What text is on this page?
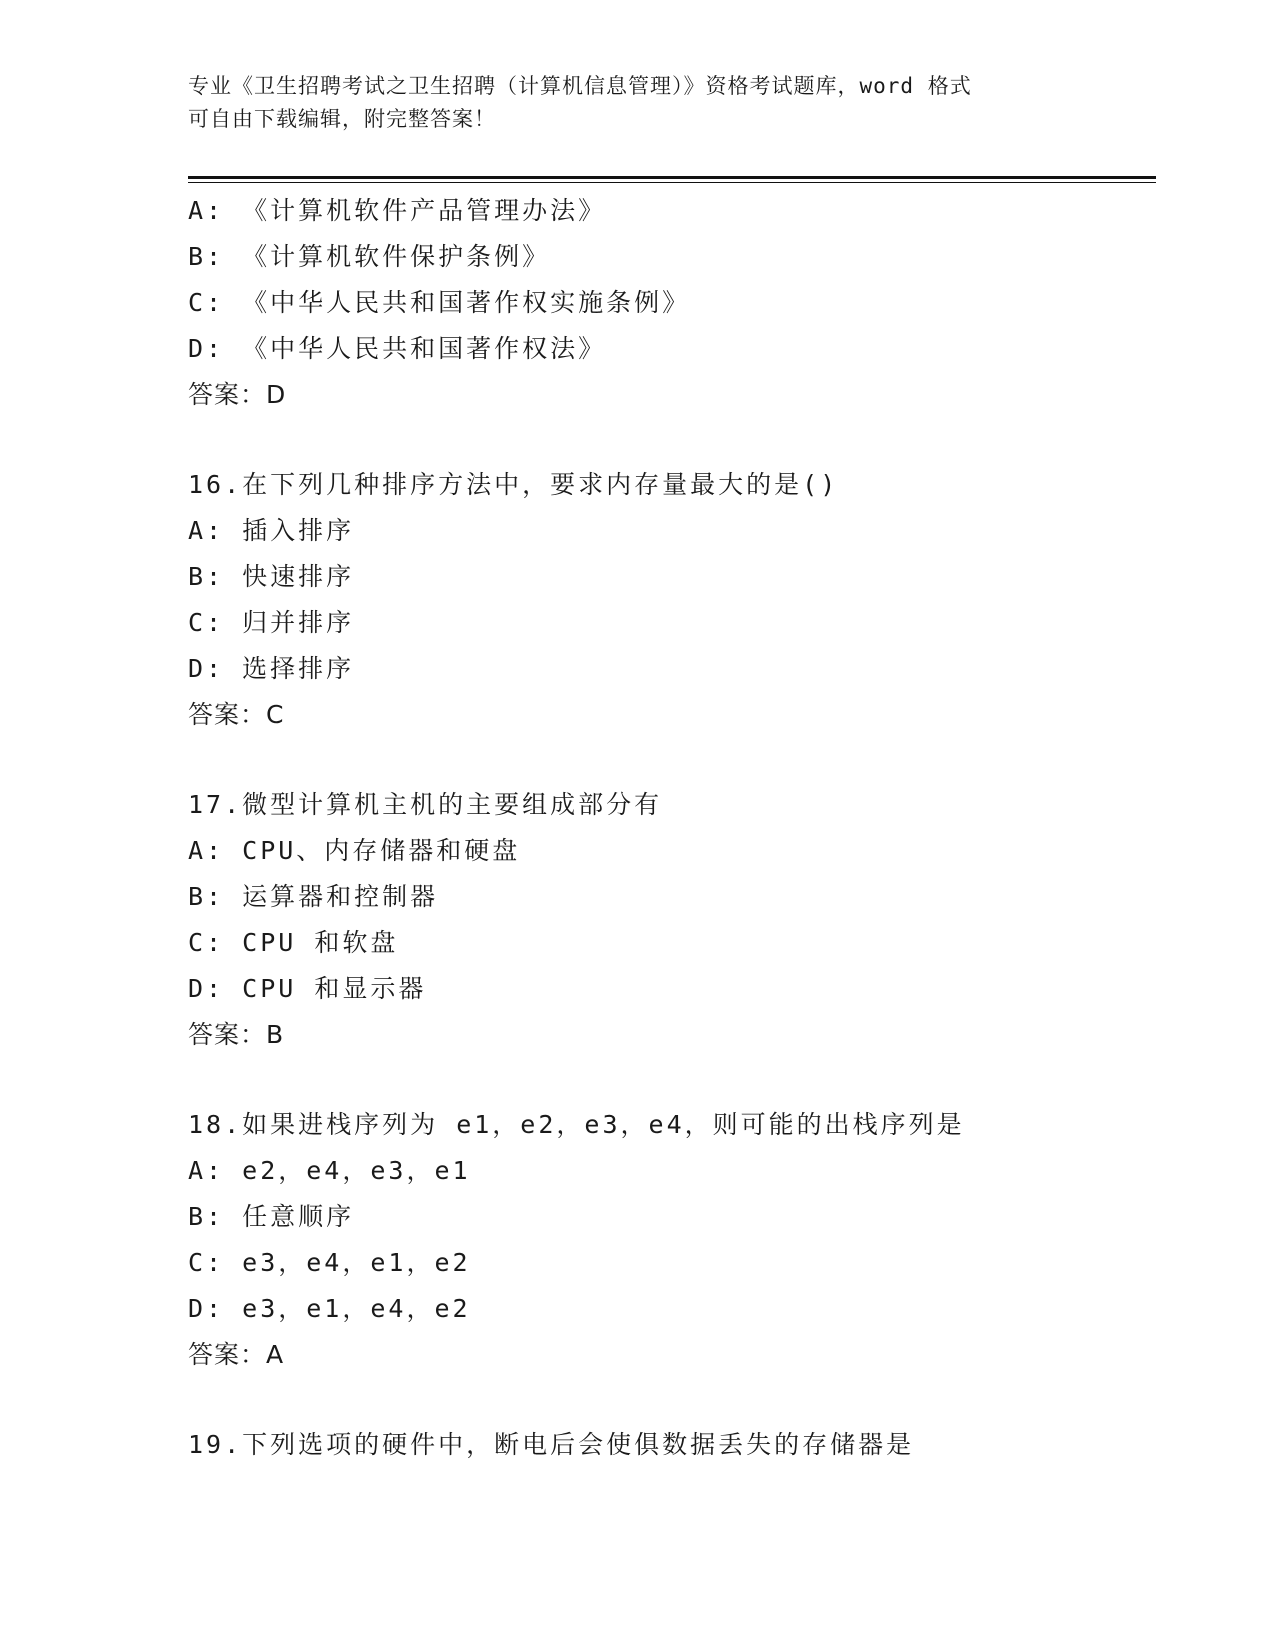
专业《卫生招聘考试之卫生招聘（计算机信息管理）》资格考试题库，word 格式
可自由下载编辑，附完整答案！
A: 《计算机软件产品管理办法》
B: 《计算机软件保护条例》
C: 《中华人民共和国著作权实施条例》
D: 《中华人民共和国著作权法》
答案：D
16.在下列几种排序方法中，要求内存量最大的是()
A: 插入排序
B: 快速排序
C: 归并排序
D: 选择排序
答案：C
17.微型计算机主机的主要组成部分有
A: CPU、内存储器和硬盘
B: 运算器和控制器
C: CPU 和软盘
D: CPU 和显示器
答案：B
18.如果进栈序列为 e1，e2，e3，e4，则可能的出栈序列是
A: e2，e4，e3，e1
B: 任意顺序
C: e3，e4，e1，e2
D: e3，e1，e4，e2
答案：A
19.下列选项的硬件中，断电后会使俱数据丢失的存储器是
